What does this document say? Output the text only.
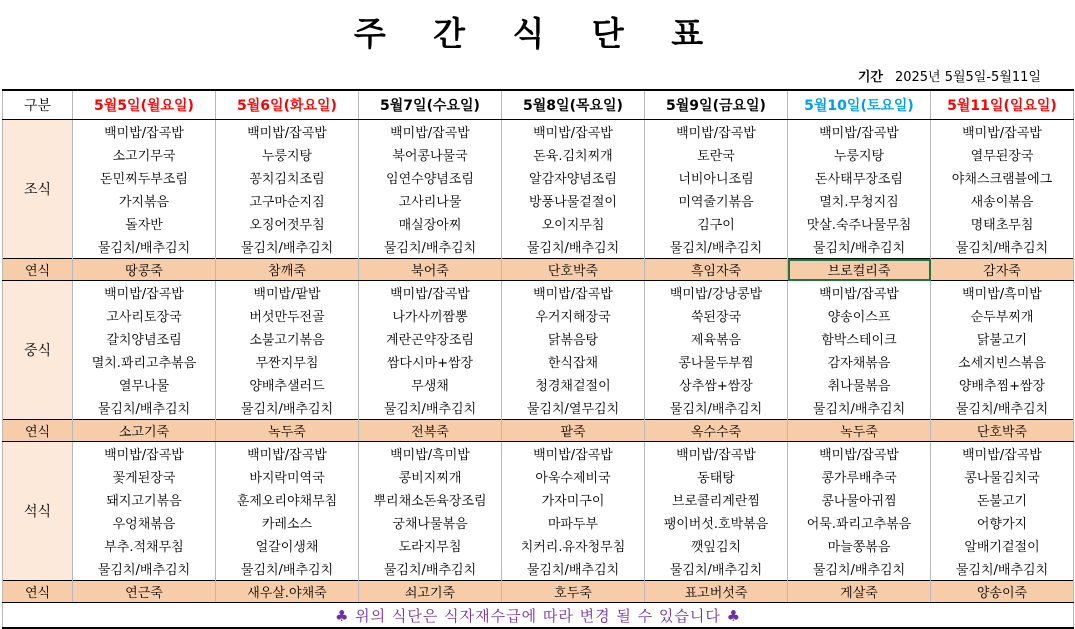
주 간 식 단 표
기간 2025년 5월5일-5월11일
구분	5월5일(월요일)	5월6일(화요일)	5월7일(수요일)	5월8일(목요일)	5월9일(금요일)	5월10일(토요일)	5월11일(일요일)
조식	백미밥/잡곡밥	백미밥/잡곡밥	백미밥/잡곡밥	백미밥/잡곡밥	백미밥/잡곡밥	백미밥/잡곡밥	백미밥/잡곡밥
	소고기무국	누룽지탕	북어콩나물국	돈육.김치찌개	토란국	누룽지탕	열무된장국
	돈민찌두부조림	꽁치김치조림	임연수양념조림	알감자양념조림	너비아니조림	돈사태무장조림	야채스크램블에그
	가지볶음	고구마순지짐	고사리나물	방풍나물겉절이	미역줄기볶음	멸치.무청지짐	새송이볶음
	돌자반	오징어젓무침	매실장아찌	오이지무침	김구이	맛살.숙주나물무침	명태초무침
	물김치/배추김치	물김치/배추김치	물김치/배추김치	물김치/배추김치	물김치/배추김치	물김치/배추김치	물김치/배추김치
연식	땅콩죽	참깨죽	북어죽	단호박죽	흑임자죽	브로컬리죽	감자죽
중식	백미밥/잡곡밥	백미밥/팥밥	백미밥/잡곡밥	백미밥/잡곡밥	백미밥/강낭콩밥	백미밥/잡곡밥	백미밥/흑미밥
	고사리토장국	버섯만두전골	나가사끼짬뽕	우거지해장국	쑥된장국	양송이스프	순두부찌개
	갈치양념조림	소불고기볶음	계란곤약장조림	닭볶음탕	제육볶음	함박스테이크	닭불고기
	멸치.꽈리고추볶음	무짠지무침	쌈다시마+쌈장	한식잡채	콩나물두부찜	감자채볶음	소세지빈스볶음
	열무나물	양배추샐러드	무생채	청경채겉절이	상추쌈+쌈장	취나물볶음	양배추찜+쌈장
	물김치/배추김치	물김치/배추김치	물김치/배추김치	물김치/열무김치	물김치/배추김치	물김치/배추김치	물김치/배추김치
연식	소고기죽	녹두죽	전복죽	팥죽	옥수수죽	녹두죽	단호박죽
석식	백미밥/잡곡밥	백미밥/잡곡밥	백미밥/흑미밥	백미밥/잡곡밥	백미밥/잡곡밥	백미밥/잡곡밥	백미밥/잡곡밥
	꽃게된장국	바지락미역국	콩비지찌개	아욱수제비국	동태탕	콩가루배추국	콩나물김치국
	돼지고기볶음	훈제오리야채무침	뿌리채소돈육장조림	가자미구이	브로콜리계란찜	콩나물아귀찜	돈불고기
	우엉채볶음	카레소스	궁채나물볶음	마파두부	팽이버섯.호박볶음	어묵.꽈리고추볶음	어향가지
	부추.적채무침	얼갈이생채	도라지무침	치커리.유자청무침	깻잎김치	마늘쫑볶음	알배기겉절이
	물김치/배추김치	물김치/배추김치	물김치/배추김치	물김치/배추김치	물김치/배추김치	물김치/배추김치	물김치/배추김치
연식	연근죽	새우살.야채죽	쇠고기죽	호두죽	표고버섯죽	게살죽	양송이죽
♣ 위의 식단은 식자재수급에 따라 변경 될 수 있습니다 ♣							
